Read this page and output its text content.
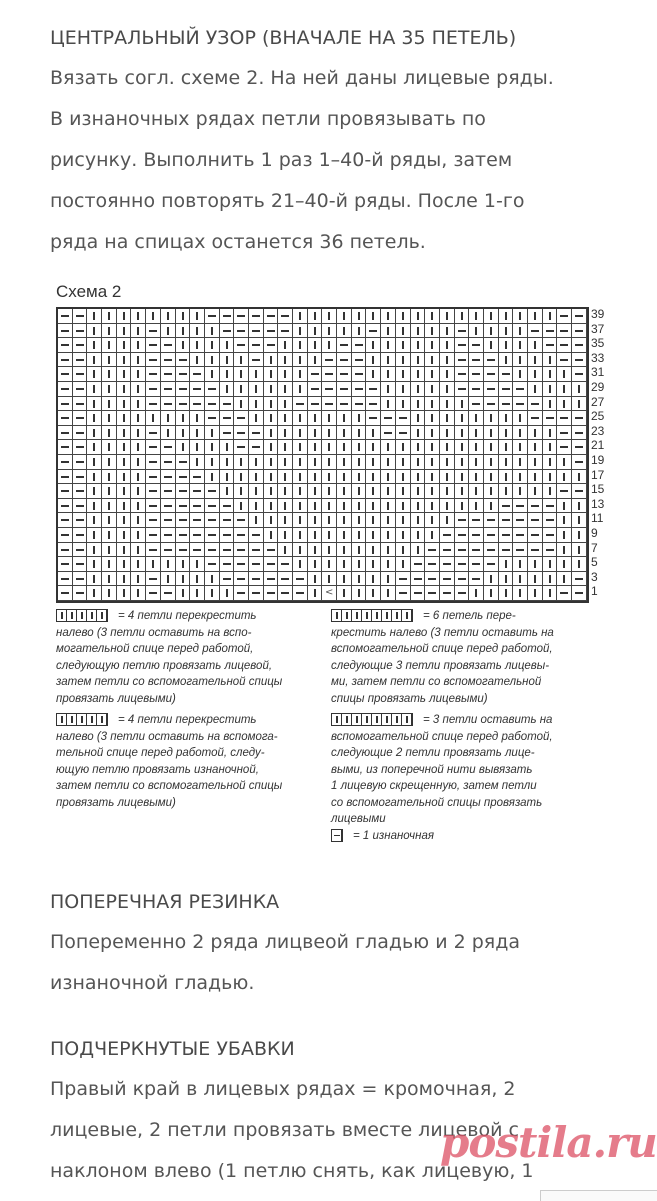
ЦЕНТРАЛЬНЫЙ УЗОР (ВНАЧАЛЕ НА 35 ПЕТЕЛЬ)
Вязать согл. схеме 2. На ней даны лицевые ряды.
В изнаночных рядах петли провязывать по
рисунку. Выполнить 1 раз 1–40-й ряды, затем
постоянно повторять 21–40-й ряды. После 1-го
ряда на спицах останется 36 петель.
Схема 2
<
39
37
35
33
31
29
27
25
23
21
19
17
15
13
11
9
7
5
3
1
= 4 петли перекрестить
налево (3 петли оставить на вспо-
могательной спице перед работой,
следующую петлю провязать лицевой,
затем петли со вспомогательной спицы
провязать лицевыми)
= 4 петли перекрестить
налево (3 петли оставить на вспомога-
тельной спице перед работой, следу-
ющую петлю провязать изнаночной,
затем петли со вспомогательной спицы
провязать лицевыми)
= 6 петель пере-
крестить налево (3 петли оставить на
вспомогательной спице перед работой,
следующие 3 петли провязать лицевы-
ми, затем петли со вспомогательной
спицы провязать лицевыми)
= 3 петли оставить на
вспомогательной спице перед работой,
следующие 2 петли провязать лице-
выми, из поперечной нити вывязать
1 лицевую скрещенную, затем петли
со вспомогательной спицы провязать
лицевыми
= 1 изнаночная
ПОПЕРЕЧНАЯ РЕЗИНКА
Попеременно 2 ряда лицвеой гладью и 2 ряда
изнаночной гладью.
ПОДЧЕРКНУТЫЕ УБАВКИ
Правый край в лицевых рядах = кромочная, 2
лицевые, 2 петли провязать вместе лицевой с
наклоном влево (1 петлю снять, как лицевую, 1
postila.ru
